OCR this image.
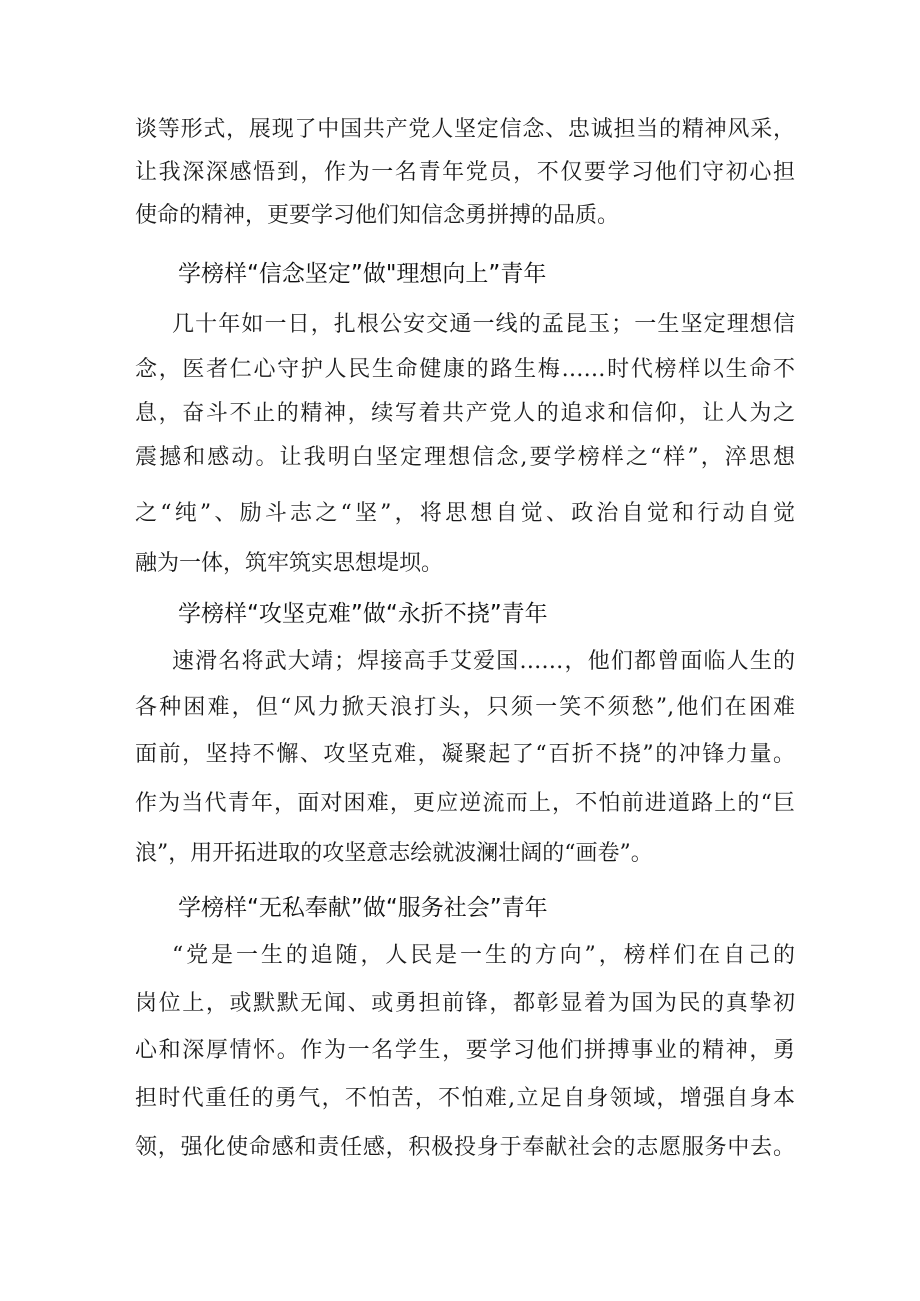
谈等形式，展现了中国共产党人坚定信念、忠诚担当的精神风采，
让我深深感悟到，作为一名青年党员，不仅要学习他们守初心担
使命的精神，更要学习他们知信念勇拼搏的品质。
学榜样“信念坚定”做"理想向上”青年
几十年如一日，扎根公安交通一线的孟昆玉；一生坚定理想信
念，医者仁心守护人民生命健康的路生梅……时代榜样以生命不
息，奋斗不止的精神，续写着共产党人的追求和信仰，让人为之
震撼和感动。让我明白坚定理想信念,要学榜样之“样”，淬思想
之“纯”、励斗志之“坚”，将思想自觉、政治自觉和行动自觉
融为一体，筑牢筑实思想堤坝。
学榜样“攻坚克难”做“永折不挠”青年
速滑名将武大靖；焊接高手艾爱国……，他们都曾面临人生的
各种困难，但“风力掀天浪打头，只须一笑不须愁”,他们在困难
面前，坚持不懈、攻坚克难，凝聚起了“百折不挠”的冲锋力量。
作为当代青年，面对困难，更应逆流而上，不怕前进道路上的“巨
浪”，用开拓进取的攻坚意志绘就波澜壮阔的“画卷”。
学榜样“无私奉献”做“服务社会”青年
“党是一生的追随，人民是一生的方向”，榜样们在自己的
岗位上，或默默无闻、或勇担前锋，都彰显着为国为民的真挚初
心和深厚情怀。作为一名学生，要学习他们拼搏事业的精神，勇
担时代重任的勇气，不怕苦，不怕难,立足自身领域，增强自身本
领，强化使命感和责任感，积极投身于奉献社会的志愿服务中去。
